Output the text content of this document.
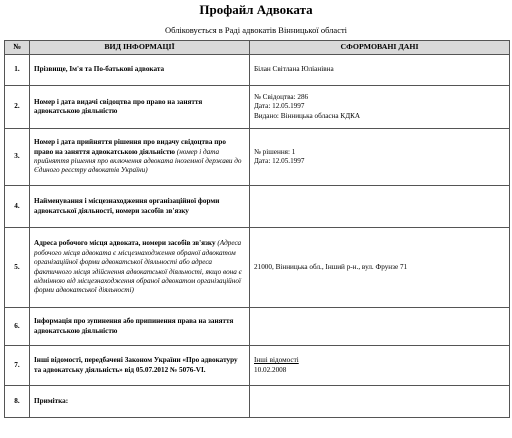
Профайл Адвоката
Обліковується в Раді адвокатів Вінницької області
№	ВИД ІНФОРМАЦІЇ	СФОРМОВАНІ ДАНІ
1.	Прізвище, Ім'я та По-батькові адвоката	Білан Світлана Юліанівна

2.	Номер і дата видачі свідоцтва про право на заняття адвокатською діяльністю	№ Свідоцтва: 286
Дата: 12.05.1997
Видано: Вінницька обласна КДКА

3.	Номер і дата прийняття рішення про видачу свідоцтва про право на заняття адвокатською діяльністю (номер і дата прийняття рішення про включення адвоката іноземної держави до Єдиного реєстру адвокатів України)	№ рішення: 1
Дата: 12.05.1997

4.	Найменування і місцезнаходження організаційної форми адвокатської діяльності, номери засобів зв'язку	
5.	Адреса робочого місця адвоката, номери засобів зв'язку (Адреса робочого місця адвоката є місцезнаходження обраної адвокатом організаційної форми адвокатської діяльності або адреса фактичного місця здійснення адвокатської діяльності, якщо вона є відмінною від місцезнаходження обраної адвокатом організаційної форми адвокатської діяльності)	21000, Вінницька обл., Інший р-н., вул. Фрунзе 71

6.	Інформація про зупинення або припинення права на заняття адвокатською діяльністю	
7.	Інші відомості, передбачені Законом України «Про адвокатуру та адвокатську діяльність» від 05.07.2012 № 5076-VI.	Інші відомості
10.02.2008

8.	Примітка:	
